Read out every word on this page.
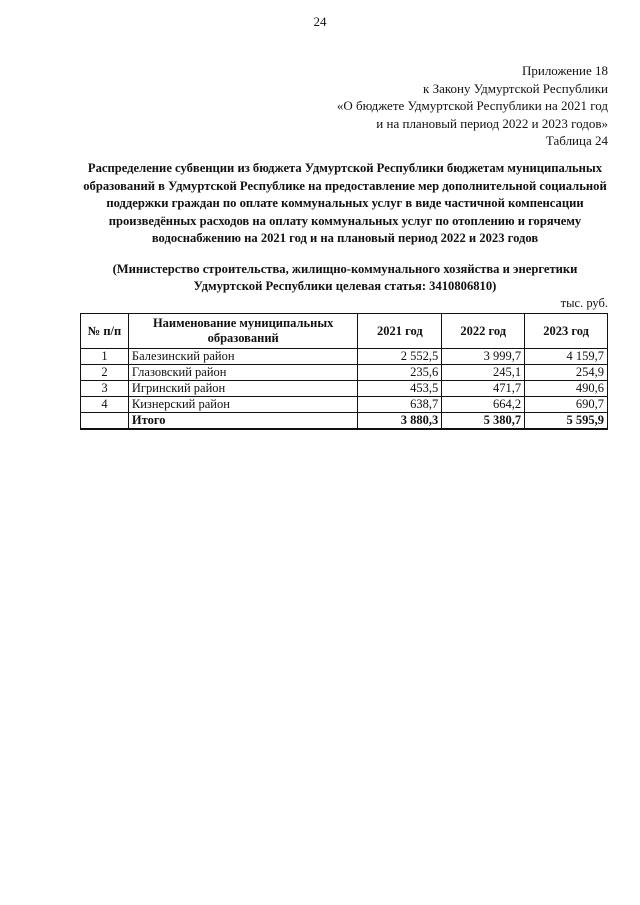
24
Приложение 18
к Закону Удмуртской Республики
«О бюджете Удмуртской Республики на 2021 год
и на плановый период 2022 и 2023 годов»
Таблица 24
Распределение субвенции из бюджета Удмуртской Республики бюджетам муниципальных образований в Удмуртской Республике на предоставление мер дополнительной социальной поддержки граждан по оплате коммунальных услуг в виде частичной компенсации произведённых расходов на оплату коммунальных услуг по отоплению и горячему водоснабжению на 2021 год и на плановый период 2022 и 2023 годов
(Министерство строительства, жилищно-коммунального хозяйства и энергетики Удмуртской Республики целевая статья: 3410806810)
тыс. руб.
№ п/п	Наименование муниципальных образований	2021 год	2022 год	2023 год
1	Балезинский район	2 552,5	3 999,7	4 159,7
2	Глазовский район	235,6	245,1	254,9
3	Игринский район	453,5	471,7	490,6
4	Кизнерский район	638,7	664,2	690,7
	Итого	3 880,3	5 380,7	5 595,9
